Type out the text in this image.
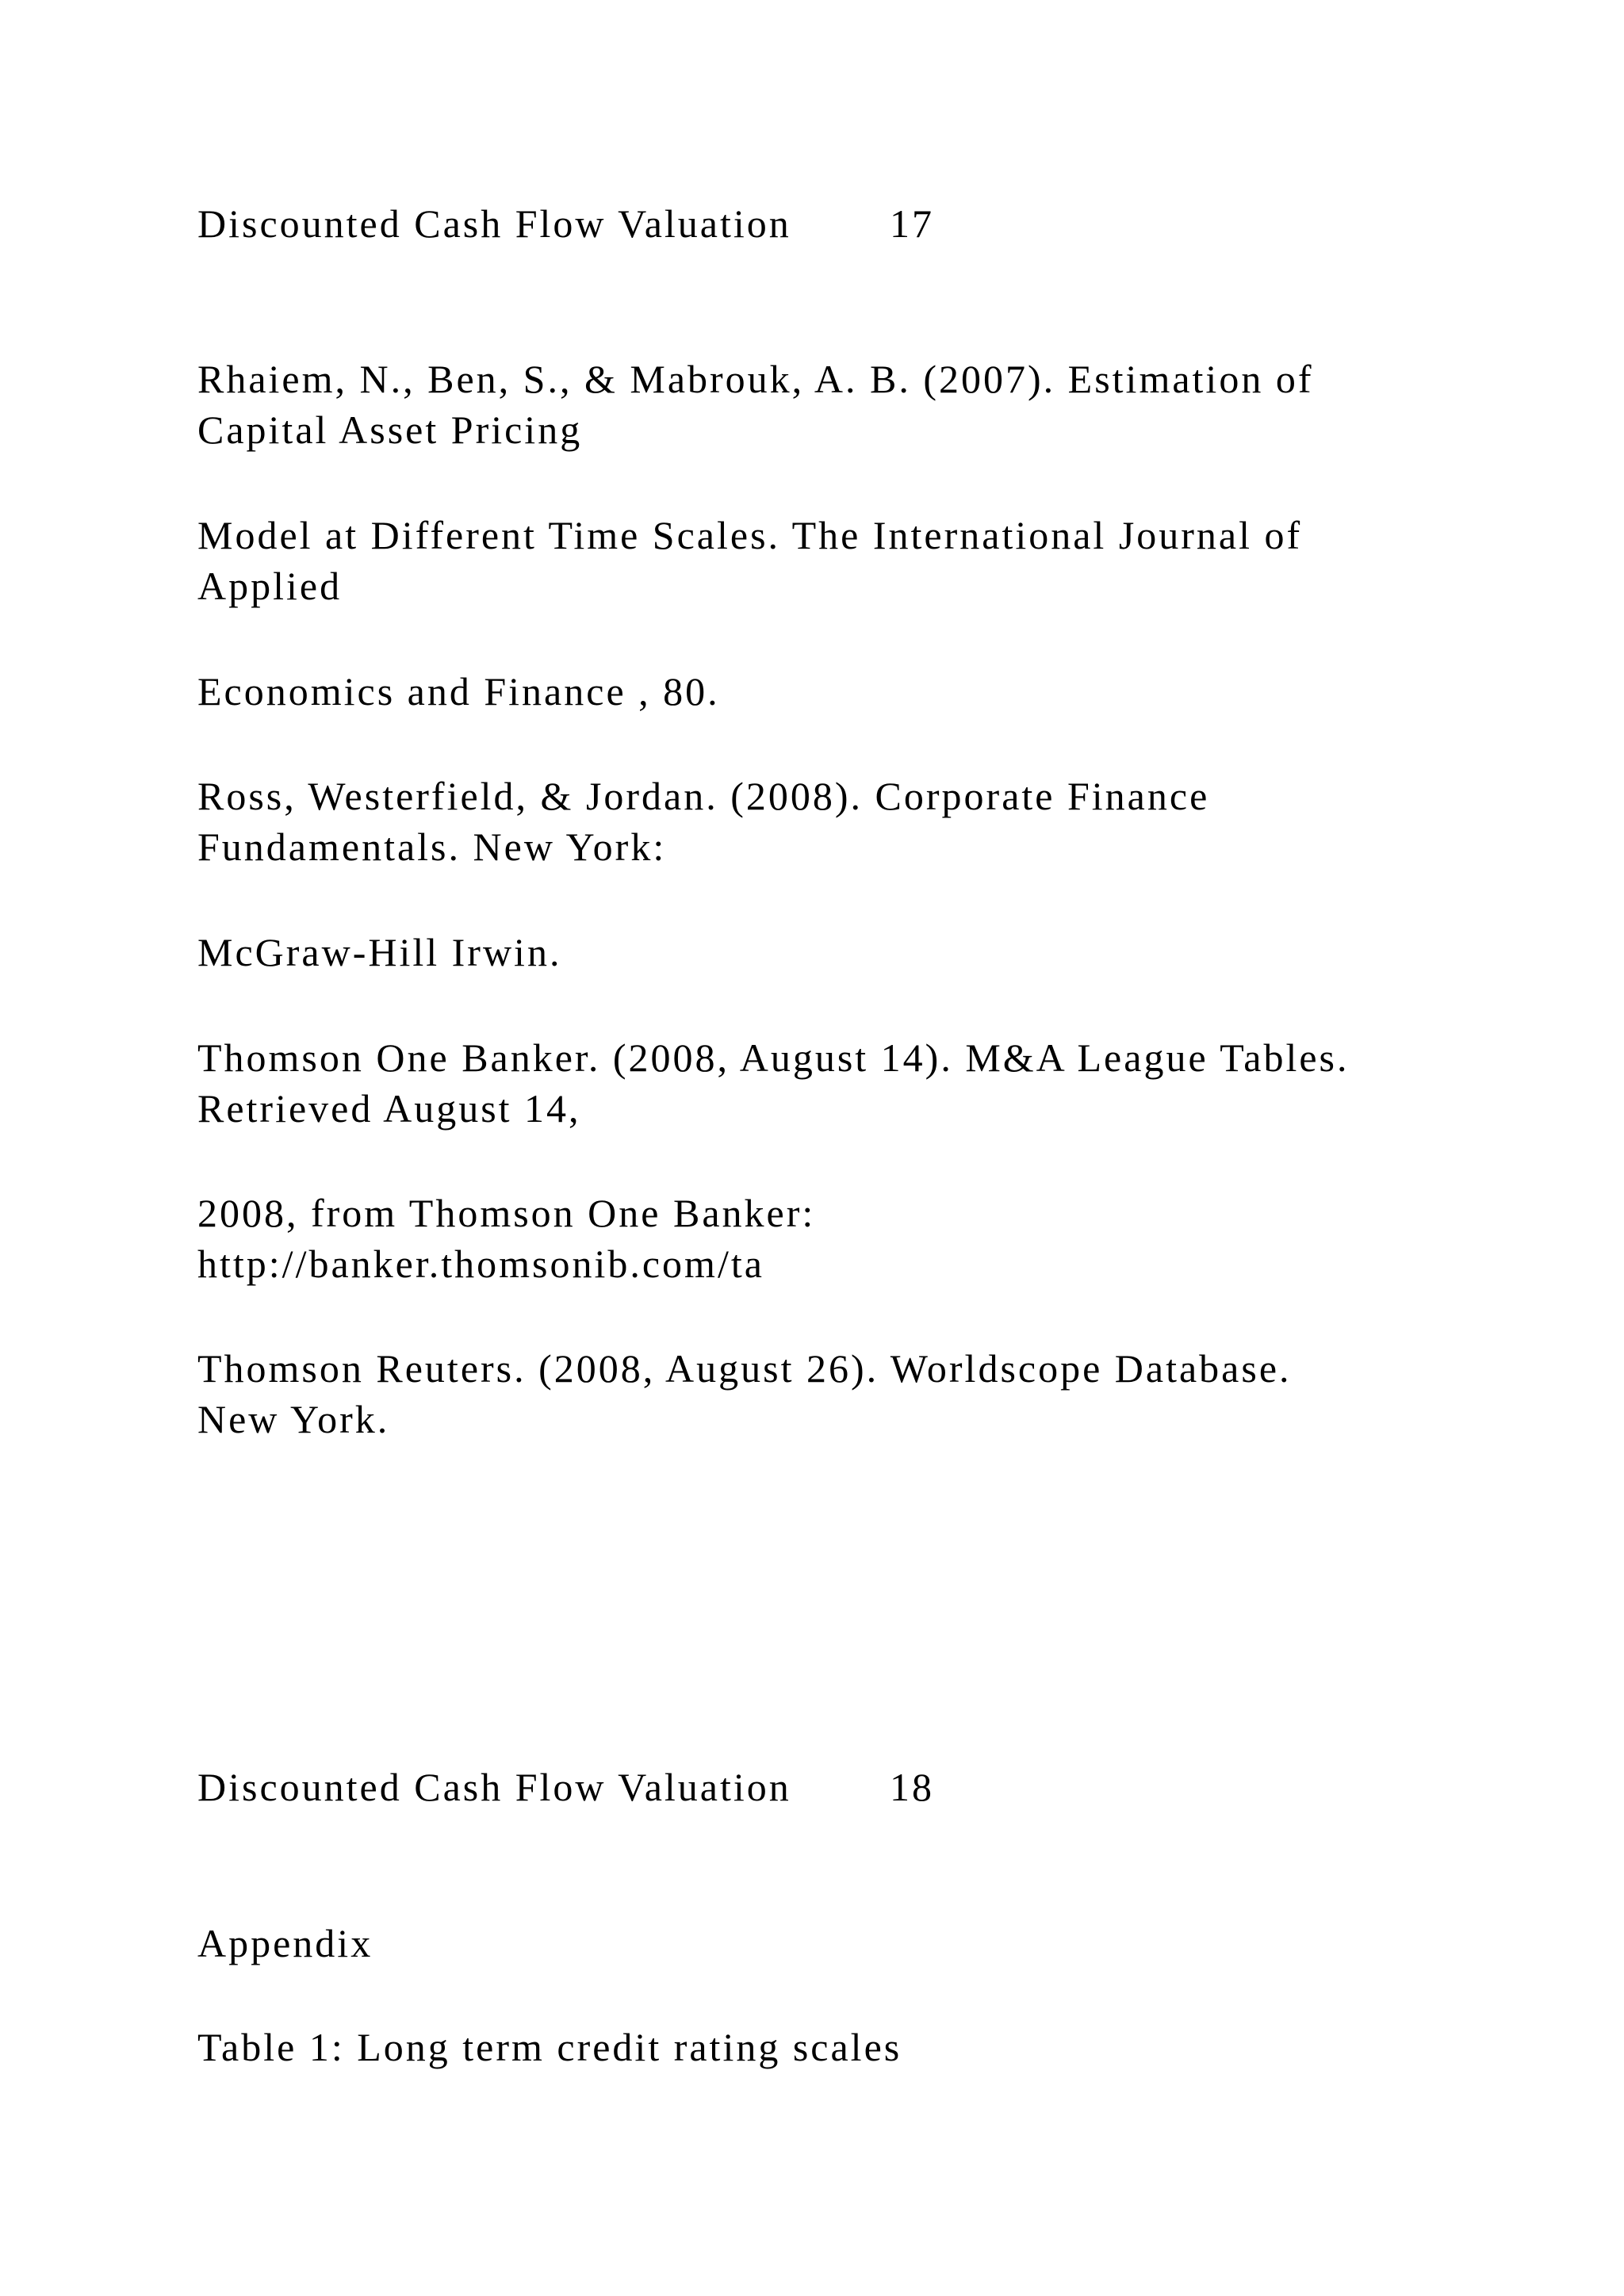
Discounted Cash Flow Valuation 17

Rhaiem, N., Ben, S., & Mabrouk, A. B. (2007). Estimation of

Capital Asset Pricing

Model at Different Time Scales. The International Journal of

Applied

Economics and Finance , 80.

Ross, Westerfield, & Jordan. (2008). Corporate Finance

Fundamentals. New York:

McGraw-Hill Irwin.

Thomson One Banker. (2008, August 14). M&A League Tables.

Retrieved August 14,

2008, from Thomson One Banker:

http://banker.thomsonib.com/ta

Thomson Reuters. (2008, August 26). Worldscope Database.

New York.

Discounted Cash Flow Valuation 18

Appendix

Table 1: Long term credit rating scales
